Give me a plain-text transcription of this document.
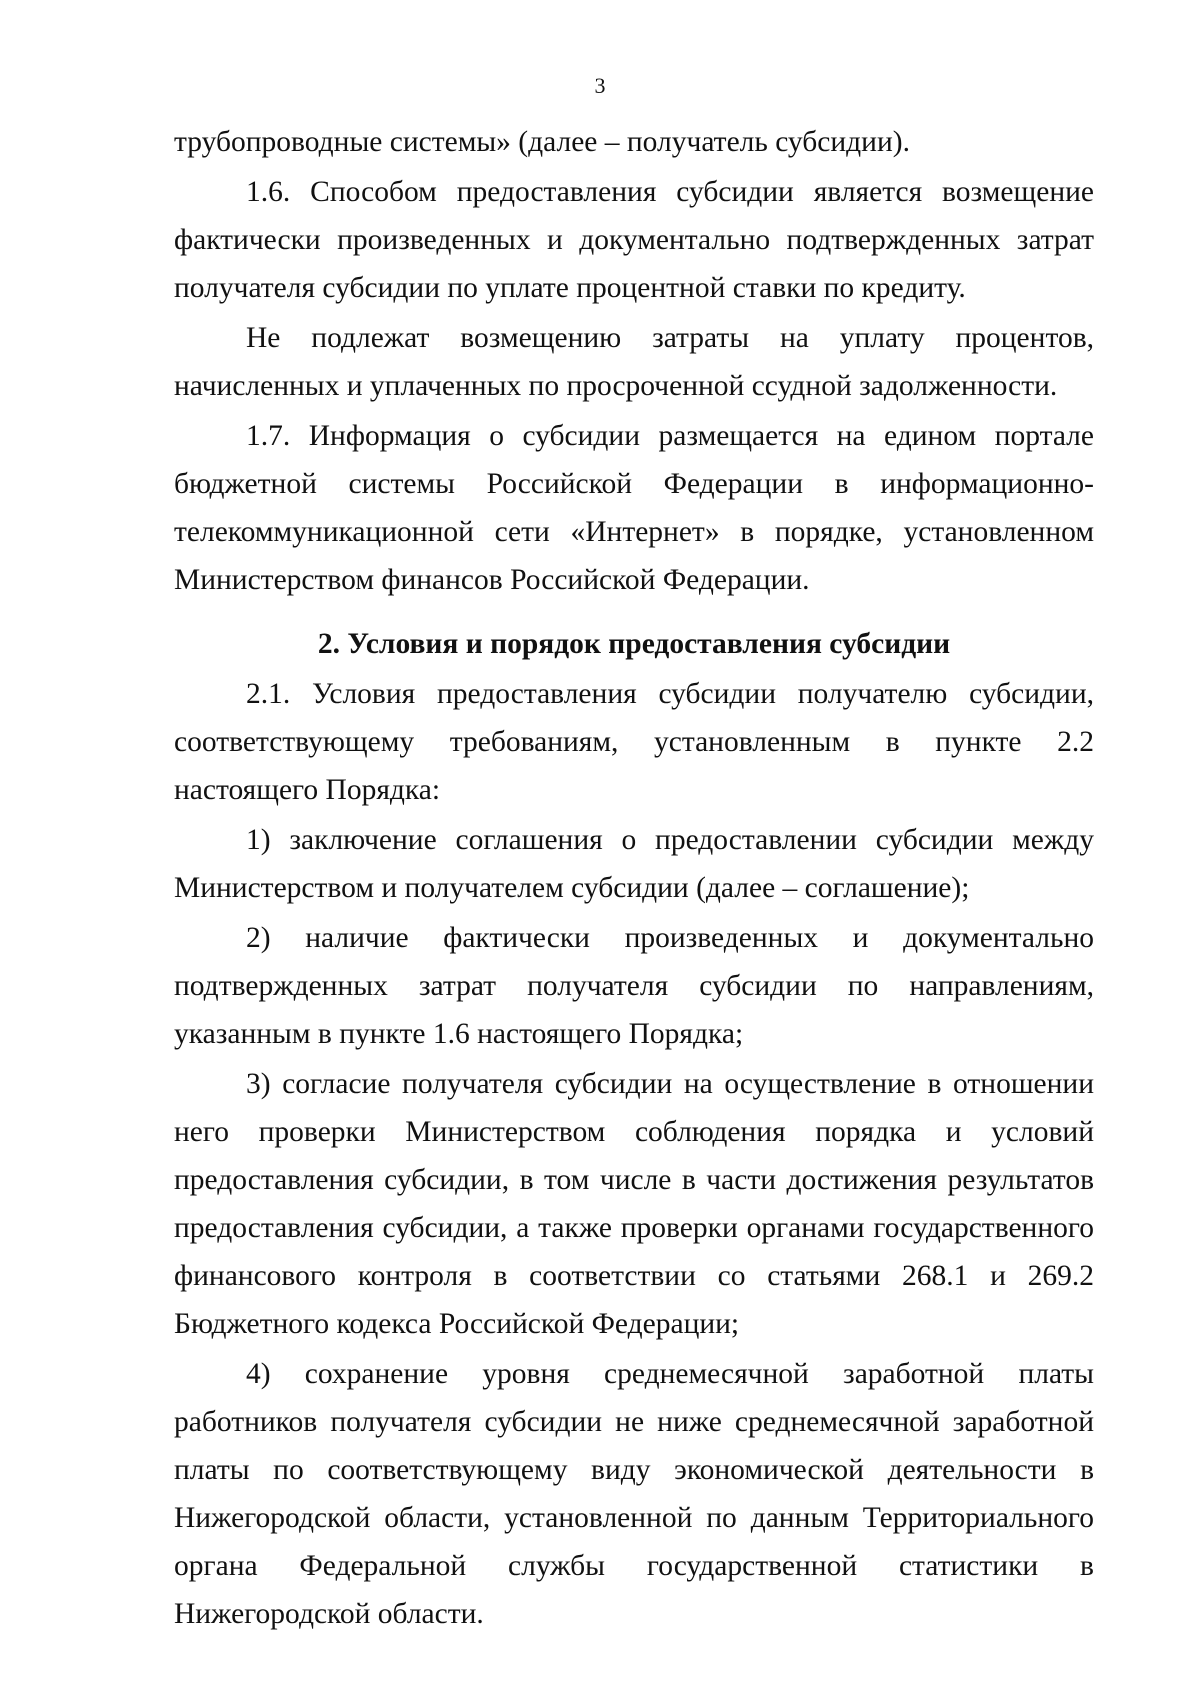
3

трубопроводные системы» (далее – получатель субсидии).

1.6. Способом предоставления субсидии является возмещение фактически произведенных и документально подтвержденных затрат получателя субсидии по уплате процентной ставки по кредиту.

Не подлежат возмещению затраты на уплату процентов, начисленных и уплаченных по просроченной ссудной задолженности.

1.7. Информация о субсидии размещается на едином портале бюджетной системы Российской Федерации в информационно-телекоммуникационной сети «Интернет» в порядке, установленном Министерством финансов Российской Федерации.

2. Условия и порядок предоставления субсидии

2.1. Условия предоставления субсидии получателю субсидии, соответствующему требованиям, установленным в пункте 2.2 настоящего Порядка:

1) заключение соглашения о предоставлении субсидии между Министерством и получателем субсидии (далее – соглашение);

2) наличие фактически произведенных и документально подтвержденных затрат получателя субсидии по направлениям, указанным в пункте 1.6 настоящего Порядка;

3) согласие получателя субсидии на осуществление в отношении него проверки Министерством соблюдения порядка и условий предоставления субсидии, в том числе в части достижения результатов предоставления субсидии, а также проверки органами государственного финансового контроля в соответствии со статьями 268.1 и 269.2 Бюджетного кодекса Российской Федерации;

4) сохранение уровня среднемесячной заработной платы работников получателя субсидии не ниже среднемесячной заработной платы по соответствующему виду экономической деятельности в Нижегородской области, установленной по данным Территориального органа Федеральной службы государственной статистики в Нижегородской области.
